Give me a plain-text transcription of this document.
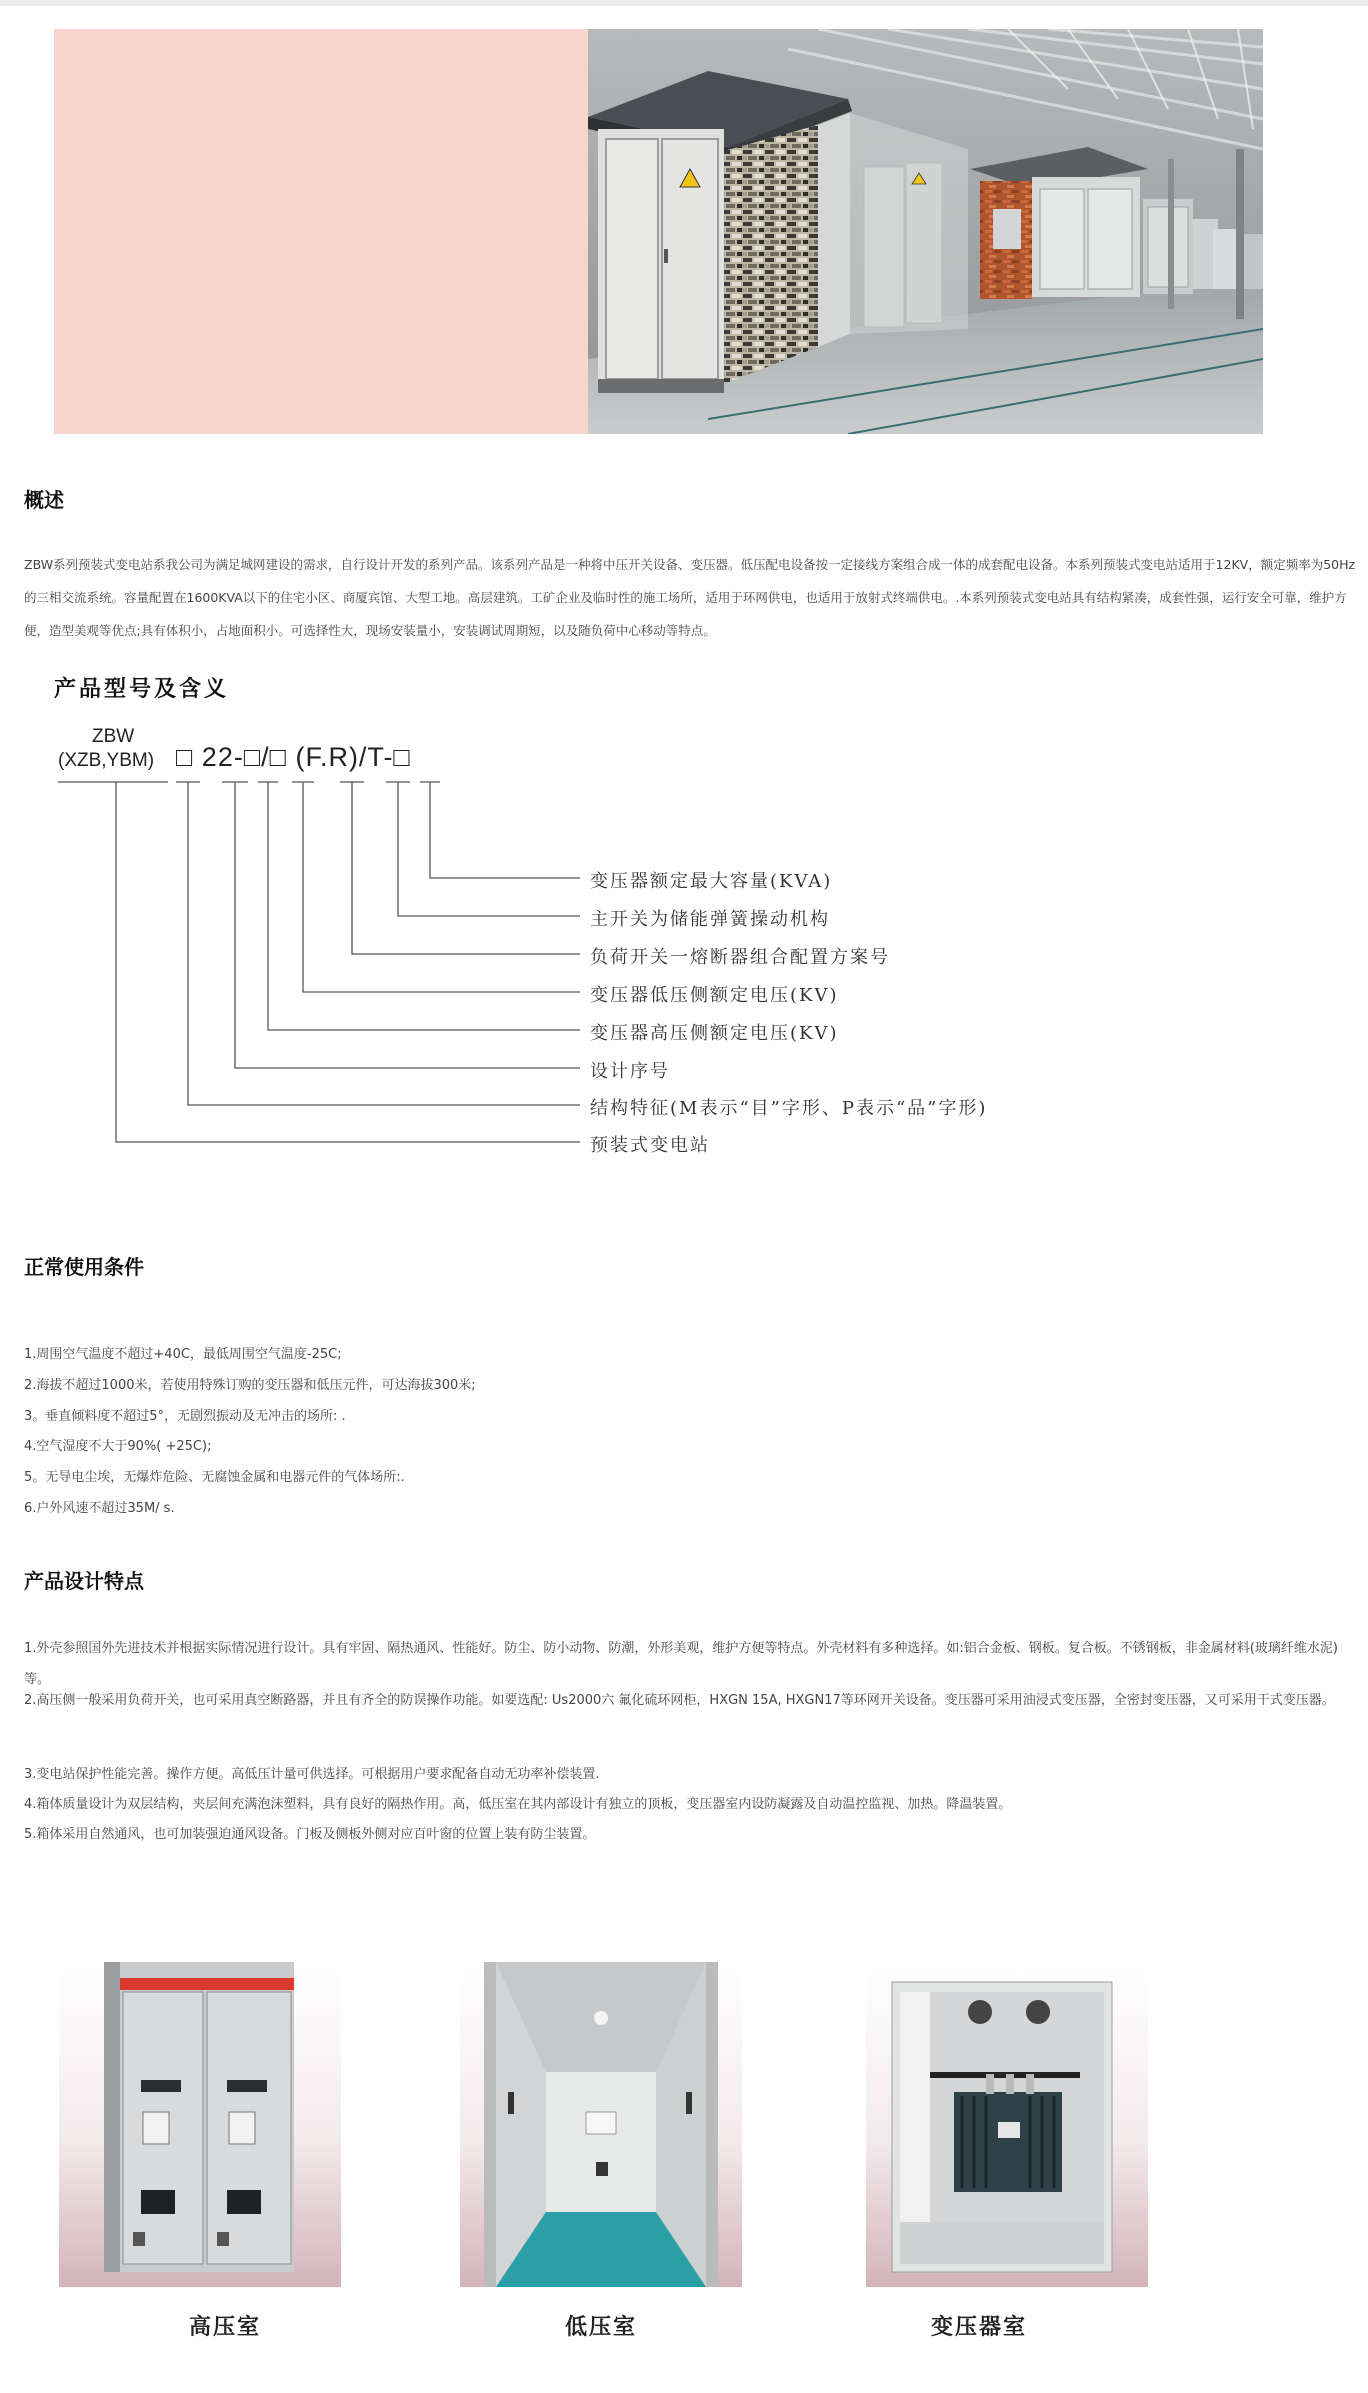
概述
ZBW系列预装式变电站系我公司为满足城网建设的需求，自行设计开发的系列产品。该系列产品是一种将中压开关设备、变压器。低压配电设备按一定接线方案组合成一体的成套配电设备。本系列预装式变电站适用于12KV，额定频率为50Hz的三相交流系统。容量配置在1600KVA以下的住宅小区、商厦宾馆、大型工地。高层建筑。工矿企业及临时性的施工场所，适用于环网供电，也适用于放射式终端供电。.本系列预装式变电站具有结构紧凑，成套性强，运行安全可靠，维护方便，造型美观等优点;具有体积小，占地面积小。可选择性大，现场安装量小，安装调试周期短，以及随负荷中心移动等特点。
产品型号及含义
ZBW
(XZB,YBM) □ 22-□/□ (F.R)/T-□
变压器额定最大容量(KVA)
主开关为储能弹簧操动机构
负荷开关一熔断器组合配置方案号
变压器低压侧额定电压(KV)
变压器高压侧额定电压(KV)
设计序号
结构特征(M表示“目”字形、P表示“品”字形)
预装式变电站
正常使用条件
1.周围空气温度不超过+40C，最低周围空气温度-25C;
2.海拔不超过1000米，若使用特殊订购的变压器和低压元件，可达海拔300米;
3。垂直倾料度不超过5°，无剧烈振动及无冲击的场所: .
4.空气湿度不大于90%( +25C);
5。无导电尘埃，无爆炸危险、无腐蚀金属和电器元件的气体场所:.
6.户外风速不超过35M/ s.
产品设计特点
1.外壳参照国外先进技术并根据实际情况进行设计。具有牢固、隔热通风、性能好。防尘、防小动物、防潮，外形美观，维护方便等特点。外壳材料有多种选择。如:铝合金板、钢板。复合板。不锈钢板，非金属材料(玻璃纤维水泥)等。
2.高压侧一般采用负荷开关，也可采用真空断路器，并且有齐全的防误操作功能。如要选配: Us2000六 氟化硫环网柜，HXGN 15A, HXGN17等环网开关设备。变压器可采用油浸式变压器，全密封变压器，又可采用干式变压器。
3.变电站保护性能完善。操作方便。高低压计量可供选择。可根据用户要求配备自动无功率补偿装置.
4.箱体质量设计为双层结构，夹层间充满泡沫塑料，具有良好的隔热作用。高，低压室在其内部设计有独立的顶板，变压器室内设防凝露及自动温控监视、加热。降温装置。
5.箱体采用自然通风，也可加装强迫通风设备。门板及侧板外侧对应百叶窗的位置上装有防尘装置。
高压室	低压室	变压器室
